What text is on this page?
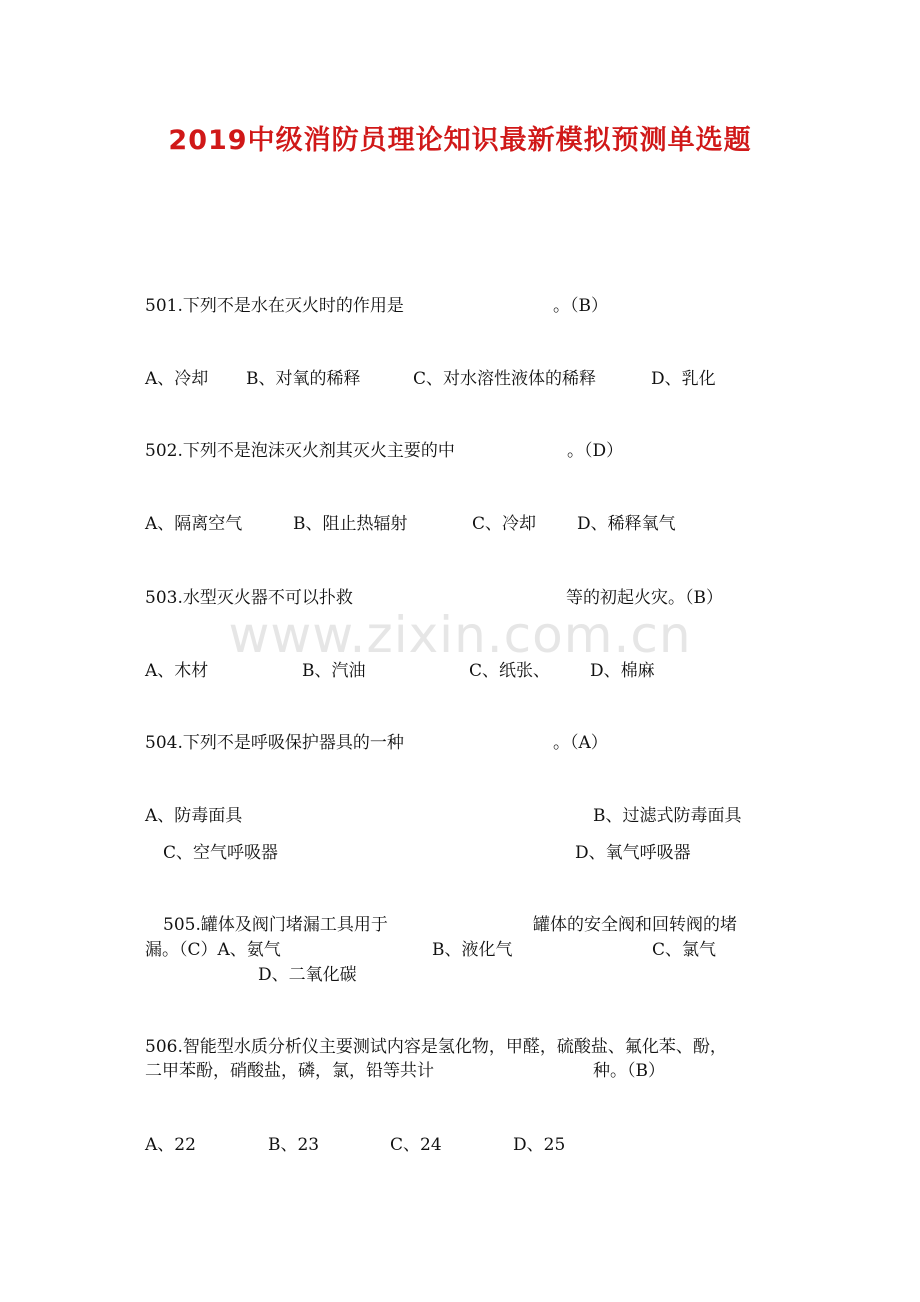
www.zixin.com.cn
2019中级消防员理论知识最新模拟预测单选题
501.下列不是水在灭火时的作用是	。（B）
A、冷却 B、对氧的稀释	C、对水溶性液体的稀释	D、乳化
502.下列不是泡沫灭火剂其灭火主要的中	。（D）
A、隔离空气	B、阻止热辐射	C、冷却 D、稀释氧气
503.水型灭火器不可以扑救	等的初起火灾。（B）
A、木材	B、汽油	C、纸张、 D、棉麻
504.下列不是呼吸保护器具的一种	。（A）
A、防毒面具	B、过滤式防毒面具
C、空气呼吸器	D、氧气呼吸器
505.罐体及阀门堵漏工具用于	罐体的安全阀和回转阀的堵
漏。（C）A、氨气	B、液化气	C、氯气
D、二氧化碳
506.智能型水质分析仪主要测试内容是氢化物，甲醛，硫酸盐、氟化苯、酚，
二甲苯酚，硝酸盐，磷，氯，铅等共计	种。（B）
A、22	B、23	C、24	D、25
